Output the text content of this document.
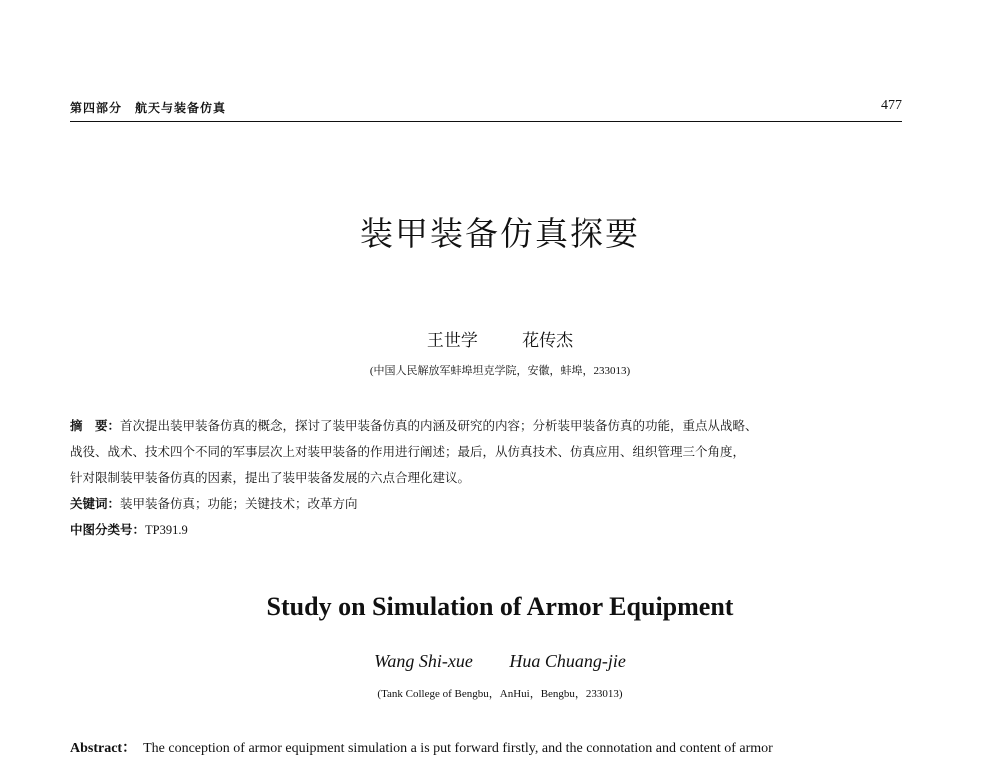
第四部分　航天与装备仿真	477
装甲装备仿真探要
王世学	花传杰
(中国人民解放军蚌埠坦克学院，安徽，蚌埠，233013)

摘　要：首次提出装甲装备仿真的概念，探讨了装甲装备仿真的内涵及研究的内容；分析装甲装备仿真的功能，重点从战略、

战役、战术、技术四个不同的军事层次上对装甲装备的作用进行阐述；最后，从仿真技术、仿真应用、组织管理三个角度，

针对限制装甲装备仿真的因素，提出了装甲装备发展的六点合理化建议。

关键词：装甲装备仿真；功能；关键技术；改革方向
中图分类号：TP391.9
Study on Simulation of Armor Equipment
Wang Shi-xue Hua Chuang-jie
(Tank College of Bengbu，AnHui，Bengbu，233013)
Abstract： The conception of armor equipment simulation a is put forward firstly, and the connotation and content of armor
